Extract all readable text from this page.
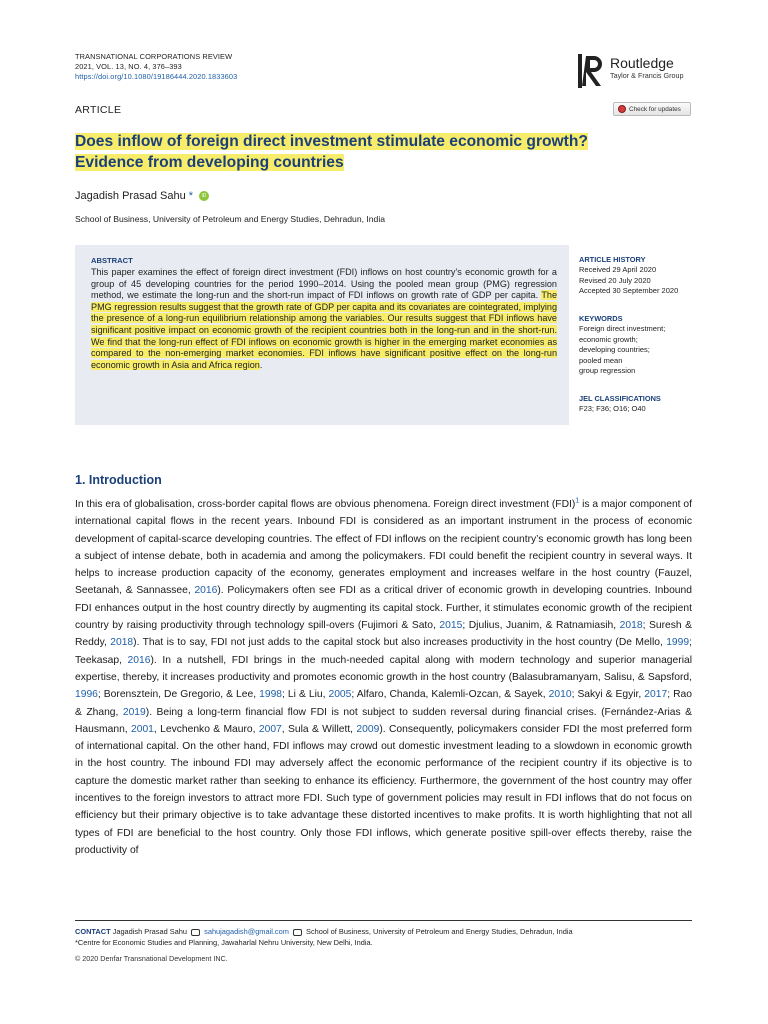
TRANSNATIONAL CORPORATIONS REVIEW
2021, VOL. 13, NO. 4, 376–393
https://doi.org/10.1080/19186444.2020.1833603
Routledge
Taylor & Francis Group
ARTICLE	Check for updates
Does inflow of foreign direct investment stimulate economic growth?
Evidence from developing countries
Jagadish Prasad Sahu *	iD
School of Business, University of Petroleum and Energy Studies, Dehradun, India
ABSTRACT

This paper examines the effect of foreign direct investment (FDI) inflows on host country’s economic growth for a group of 45 developing countries for the period 1990–2014. Using the pooled mean group (PMG) regression method, we estimate the long-run and the short-run impact of FDI inflows on growth rate of GDP per capita. The PMG regression results suggest that the growth rate of GDP per capita and its covariates are cointegrated, implying the presence of a long-run equilibrium relationship among the variables. Our results suggest that FDI inflows have significant positive impact on economic growth of the recipient countries both in the long-run and in the short-run. We find that the long-run effect of FDI inflows on economic growth is higher in the emerging market economies as compared to the non-emerging market economies. FDI inflows have significant positive effect on the long-run economic growth in Asia and Africa region.

ARTICLE HISTORY
Received 29 April 2020
Revised 20 July 2020
Accepted 30 September 2020
KEYWORDS
Foreign direct investment;
economic growth;
developing countries;
pooled mean
group regression
JEL CLASSIFICATIONS
F23; F36; O16; O40
1. Introduction

In this era of globalisation, cross-border capital flows are obvious phenomena. Foreign direct investment (FDI)$^1$ is a major component of international capital flows in the recent years. Inbound FDI is considered as an important instrument in the process of economic development of capital-scarce developing countries. The effect of FDI inflows on the recipient country’s economic growth has long been a subject of intense debate, both in academia and among the policymakers. FDI could benefit the recipient country in several ways. It helps to increase production capacity of the economy, generates employment and increases welfare in the host country (Fauzel, Seetanah, & Sannassee, 2016). Policymakers often see FDI as a critical driver of economic growth in developing countries. Inbound FDI enhances output in the host country directly by augmenting its capital stock. Further, it stimulates economic growth of the recipient country by raising productivity through technology spill-overs (Fujimori & Sato, 2015; Djulius, Juanim, & Ratnamiasih, 2018; Suresh & Reddy, 2018). That is to say, FDI not just adds to the capital stock but also increases productivity in the host country (De Mello, 1999; Teekasap, 2016). In a nutshell, FDI brings in the much-needed capital along with modern technology and superior managerial expertise, thereby, it increases productivity and promotes economic growth in the host country (Balasubramanyam, Salisu, & Sapsford, 1996; Borensztein, De Gregorio, & Lee, 1998; Li & Liu, 2005; Alfaro, Chanda, Kalemli-Ozcan, & Sayek, 2010; Sakyi & Egyir, 2017; Rao & Zhang, 2019). Being a long-term financial flow FDI is not subject to sudden reversal during financial crises. (Fernández-Arias & Hausmann, 2001, Levchenko & Mauro, 2007, Sula & Willett, 2009). Consequently, policymakers consider FDI the most preferred form of international capital. On the other hand, FDI inflows may crowd out domestic investment leading to a slowdown in economic growth in the host country. The inbound FDI may adversely affect the economic performance of the recipient country if its objective is to capture the domestic market rather than seeking to enhance its efficiency. Furthermore, the government of the host country may offer incentives to the foreign investors to attract more FDI. Such type of government policies may result in FDI inflows that do not focus on efficiency but their primary objective is to take advantage these distorted incentives to make profits. It is worth highlighting that not all types of FDI are beneficial to the host country. Only those FDI inflows, which generate positive spill-over effects thereby, raise the productivity of

CONTACT Jagadish Prasad Sahu sahujagadish@gmail.com School of Business, University of Petroleum and Energy Studies, Dehradun, India
*Centre for Economic Studies and Planning, Jawaharlal Nehru University, New Delhi, India.
© 2020 Denfar Transnational Development INC.
